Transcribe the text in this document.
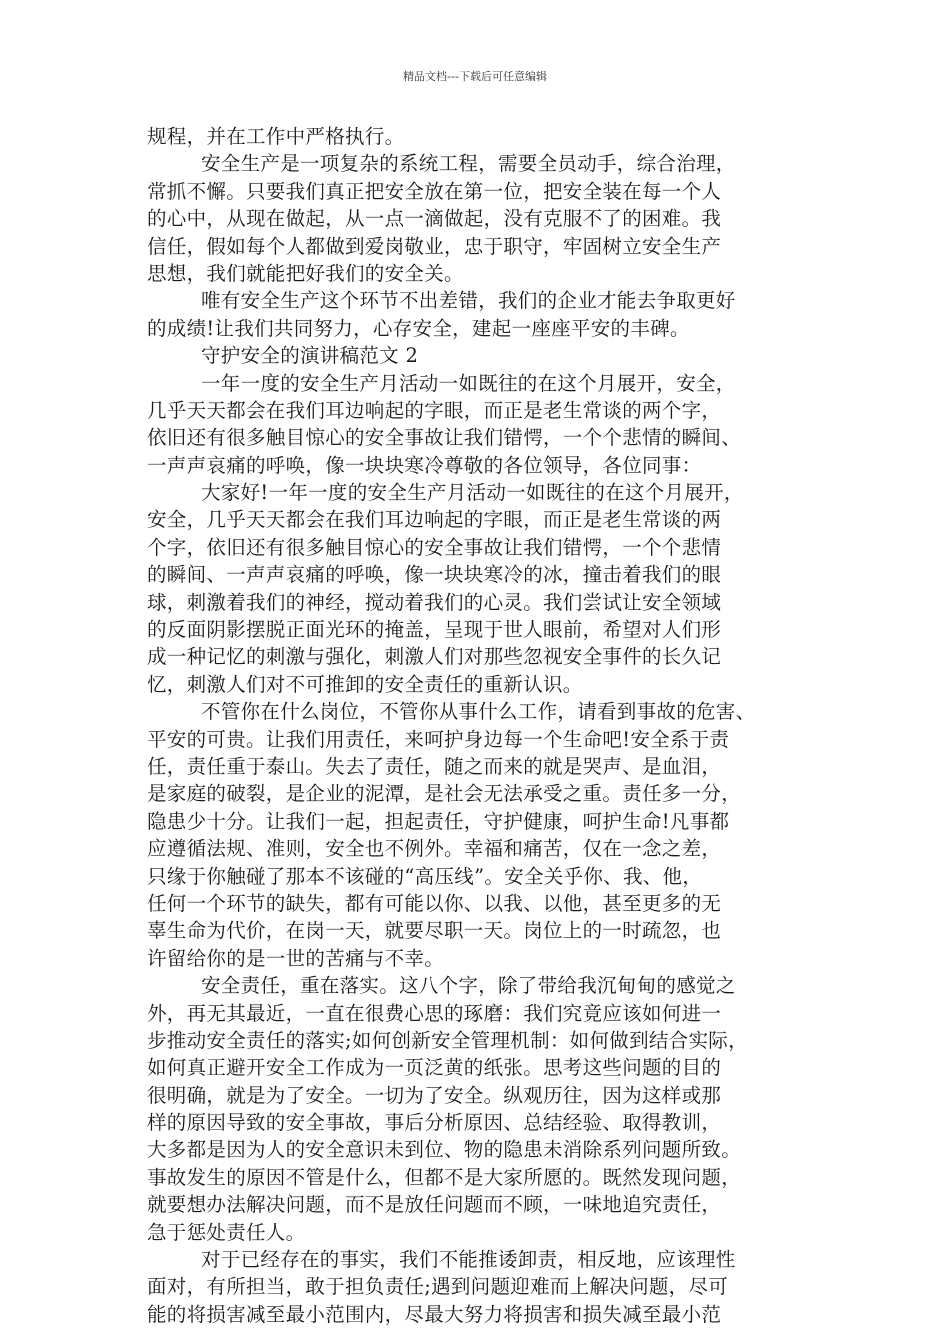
精品文档---下载后可任意编辑
规程，并在工作中严格执行。
安全生产是一项复杂的系统工程，需要全员动手，综合治理，
常抓不懈。只要我们真正把安全放在第一位，把安全装在每一个人
的心中，从现在做起，从一点一滴做起，没有克服不了的困难。我
信任，假如每个人都做到爱岗敬业，忠于职守，牢固树立安全生产
思想，我们就能把好我们的安全关。
唯有安全生产这个环节不出差错，我们的企业才能去争取更好
的成绩!让我们共同努力，心存安全，建起一座座平安的丰碑。
守护安全的演讲稿范文 2
一年一度的安全生产月活动一如既往的在这个月展开，安全，
几乎天天都会在我们耳边响起的字眼，而正是老生常谈的两个字，
依旧还有很多触目惊心的安全事故让我们错愕，一个个悲情的瞬间、
一声声哀痛的呼唤，像一块块寒冷尊敬的各位领导，各位同事：
大家好!一年一度的安全生产月活动一如既往的在这个月展开，
安全，几乎天天都会在我们耳边响起的字眼，而正是老生常谈的两
个字，依旧还有很多触目惊心的安全事故让我们错愕，一个个悲情
的瞬间、一声声哀痛的呼唤，像一块块寒冷的冰，撞击着我们的眼
球，刺激着我们的神经，搅动着我们的心灵。我们尝试让安全领域
的反面阴影摆脱正面光环的掩盖，呈现于世人眼前，希望对人们形
成一种记忆的刺激与强化，刺激人们对那些忽视安全事件的长久记
忆，刺激人们对不可推卸的安全责任的重新认识。
不管你在什么岗位，不管你从事什么工作，请看到事故的危害、
平安的可贵。让我们用责任，来呵护身边每一个生命吧!安全系于责
任，责任重于泰山。失去了责任，随之而来的就是哭声、是血泪，
是家庭的破裂，是企业的泥潭，是社会无法承受之重。责任多一分，
隐患少十分。让我们一起，担起责任，守护健康，呵护生命!凡事都
应遵循法规、准则，安全也不例外。幸福和痛苦，仅在一念之差，
只缘于你触碰了那本不该碰的“高压线”。安全关乎你、我、他，
任何一个环节的缺失，都有可能以你、以我、以他，甚至更多的无
辜生命为代价，在岗一天，就要尽职一天。岗位上的一时疏忽，也
许留给你的是一世的苦痛与不幸。
安全责任，重在落实。这八个字，除了带给我沉甸甸的感觉之
外，再无其最近，一直在很费心思的琢磨：我们究竟应该如何进一
步推动安全责任的落实;如何创新安全管理机制：如何做到结合实际，
如何真正避开安全工作成为一页泛黄的纸张。思考这些问题的目的
很明确，就是为了安全。一切为了安全。纵观历往，因为这样或那
样的原因导致的安全事故，事后分析原因、总结经验、取得教训，
大多都是因为人的安全意识未到位、物的隐患未消除系列问题所致。
事故发生的原因不管是什么，但都不是大家所愿的。既然发现问题，
就要想办法解决问题，而不是放任问题而不顾，一味地追究责任，
急于惩处责任人。
对于已经存在的事实，我们不能推诿卸责，相反地，应该理性
面对，有所担当，敢于担负责任;遇到问题迎难而上解决问题，尽可
能的将损害减至最小范围内，尽最大努力将损害和损失减至最小范
